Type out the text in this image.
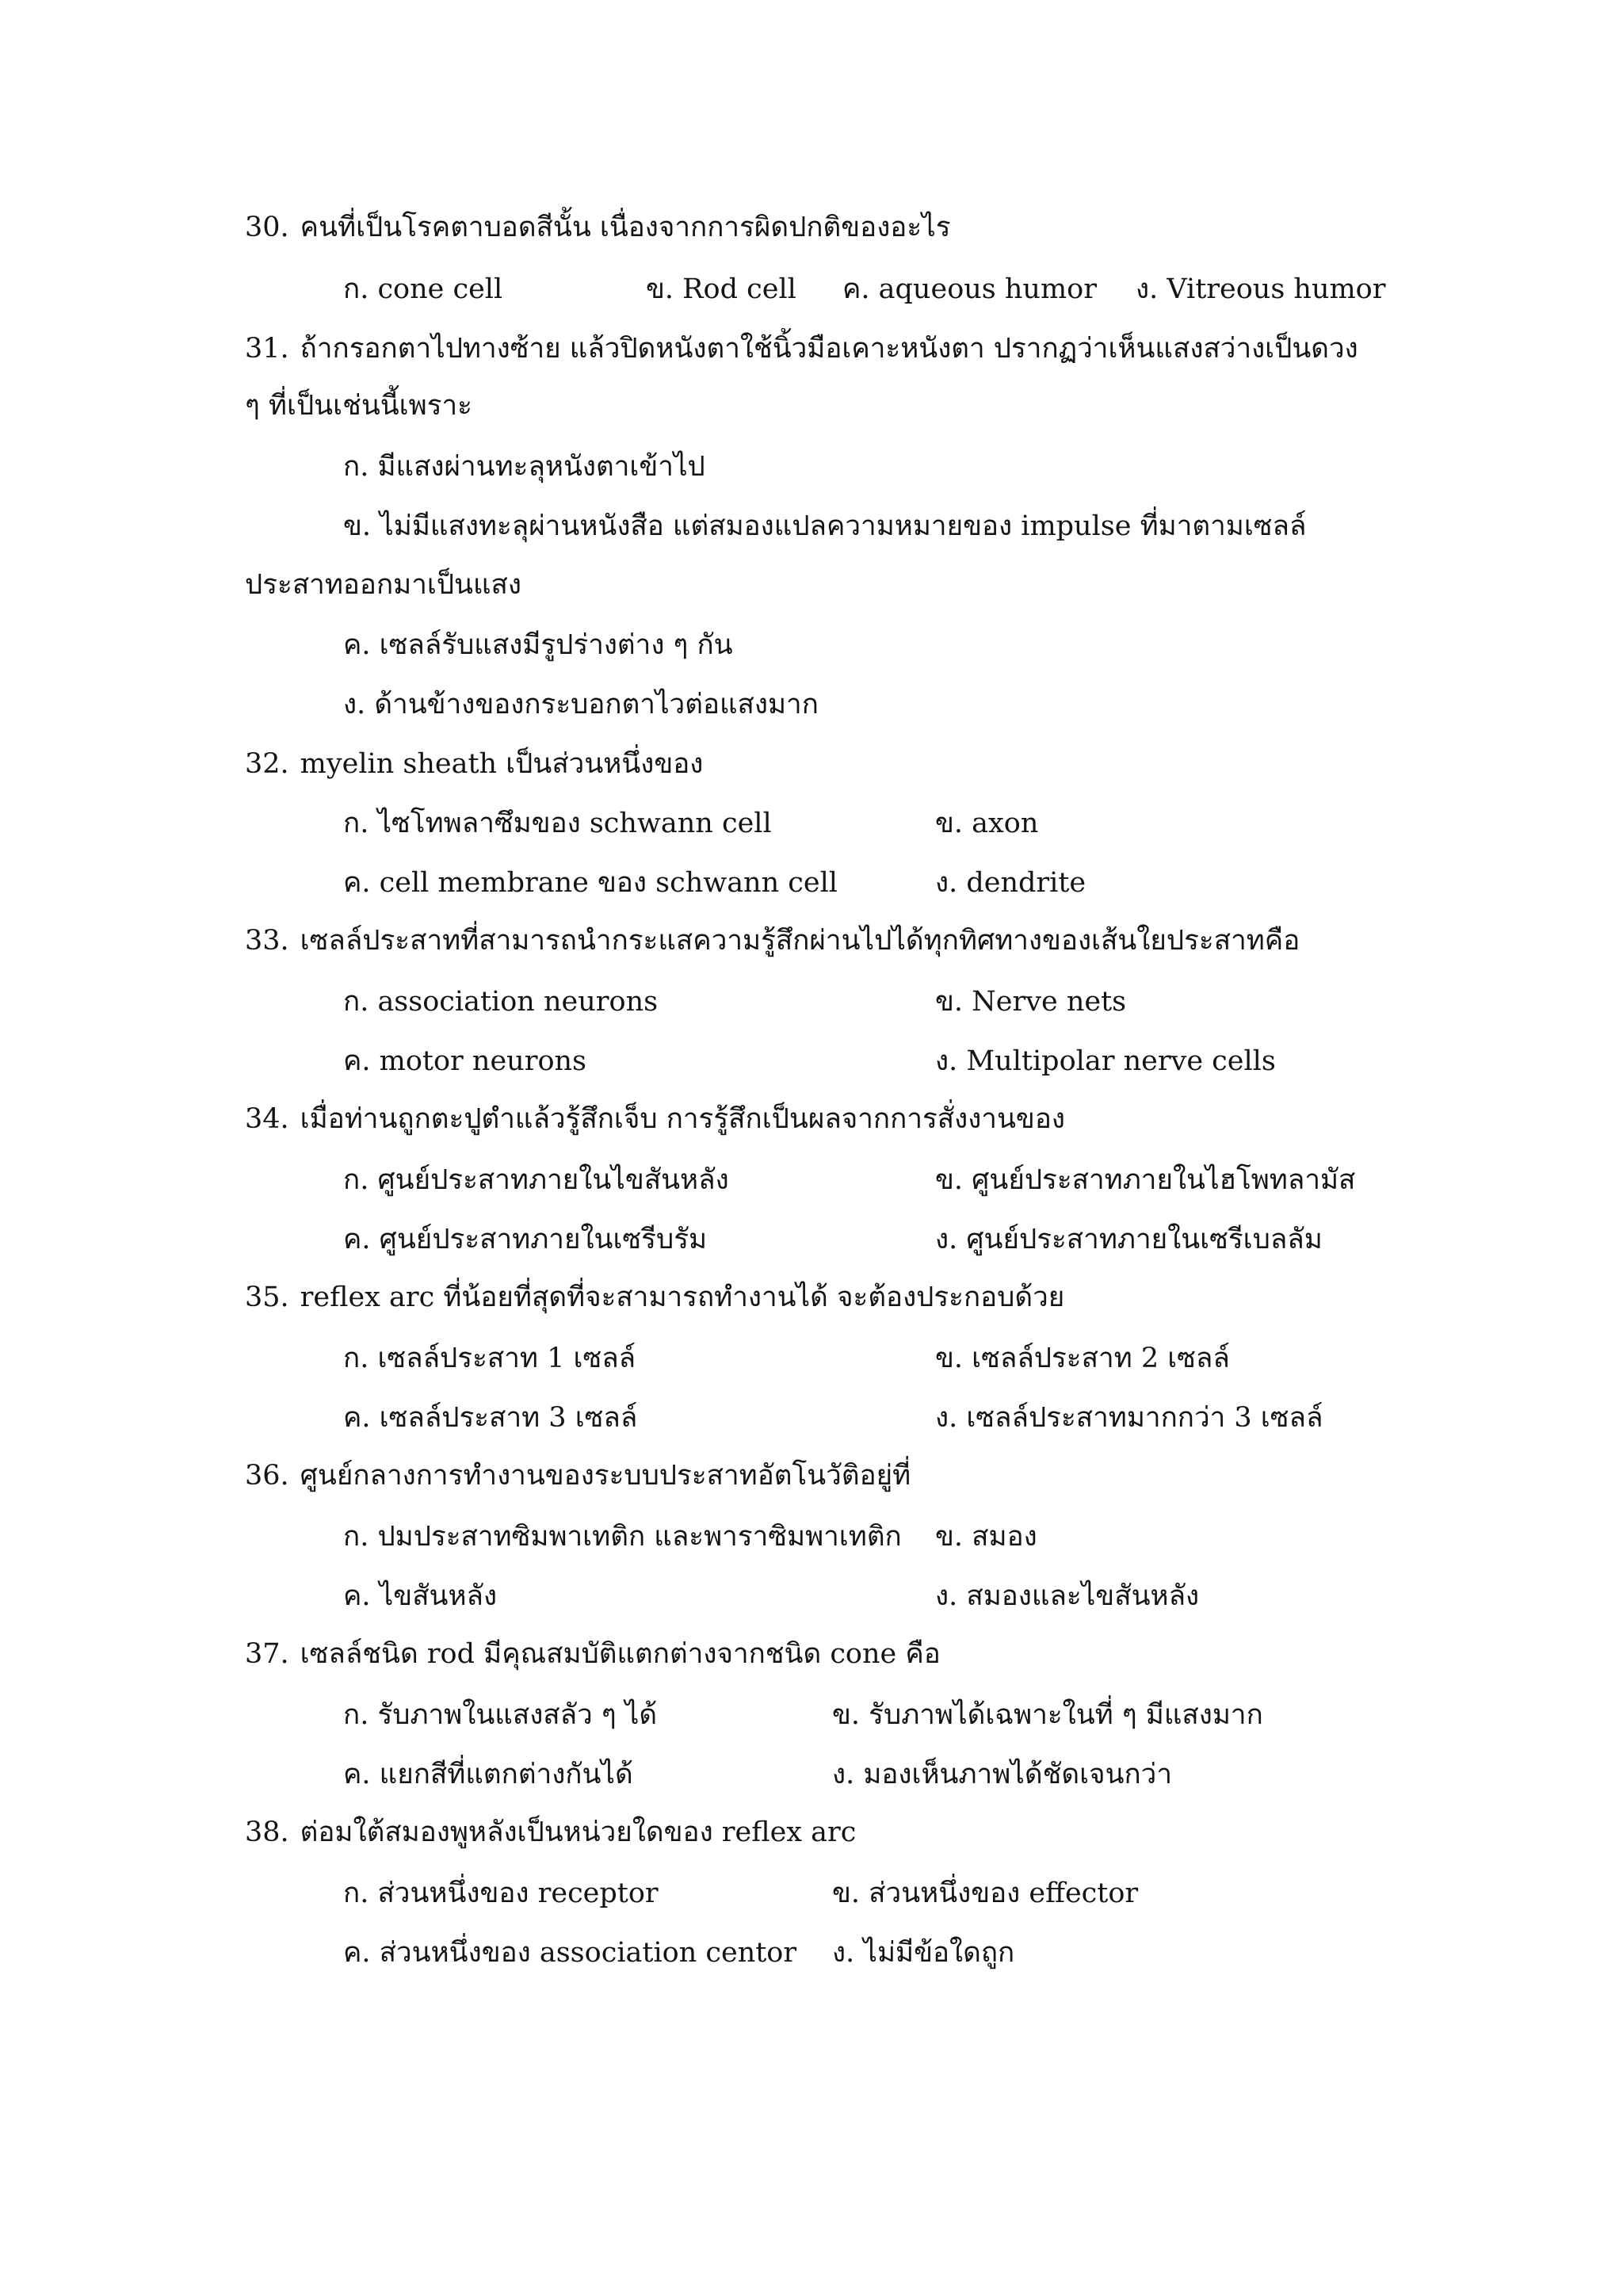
30. คนที่เป็นโรคตาบอดสีนั้น เนื่องจากการผิดปกติของอะไร
ก. cone cell	ข. Rod cell ค. aqueous humor ง. Vitreous humor
31. ถ้ากรอกตาไปทางซ้าย แล้วปิดหนังตาใช้นิ้วมือเคาะหนังตา ปรากฏว่าเห็นแสงสว่างเป็นดวง
ๆ ที่เป็นเช่นนี้เพราะ
ก. มีแสงผ่านทะลุหนังตาเข้าไป
ข. ไม่มีแสงทะลุผ่านหนังสือ แต่สมองแปลความหมายของ impulse ที่มาตามเซลล์
ประสาทออกมาเป็นแสง
ค. เซลล์รับแสงมีรูปร่างต่าง ๆ กัน
ง. ด้านข้างของกระบอกตาไวต่อแสงมาก
32. myelin sheath เป็นส่วนหนึ่งของ
ก. ไซโทพลาซึมของ schwann cell	ข. axon
ค. cell membrane ของ schwann cell	ง. dendrite
33. เซลล์ประสาทที่สามารถนำกระแสความรู้สึกผ่านไปได้ทุกทิศทางของเส้นใยประสาทคือ
ก. association neurons	ข. Nerve nets
ค. motor neurons	ง. Multipolar nerve cells
34. เมื่อท่านถูกตะปูตำแล้วรู้สึกเจ็บ การรู้สึกเป็นผลจากการสั่งงานของ
ก. ศูนย์ประสาทภายในไขสันหลัง	ข. ศูนย์ประสาทภายในไฮโพทลามัส
ค. ศูนย์ประสาทภายในเซรีบรัม	ง. ศูนย์ประสาทภายในเซรีเบลลัม
35. reflex arc ที่น้อยที่สุดที่จะสามารถทำงานได้ จะต้องประกอบด้วย
ก. เซลล์ประสาท 1 เซลล์	ข. เซลล์ประสาท 2 เซลล์
ค. เซลล์ประสาท 3 เซลล์	ง. เซลล์ประสาทมากกว่า 3 เซลล์
36. ศูนย์กลางการทำงานของระบบประสาทอัตโนวัติอยู่ที่
ก. ปมประสาทซิมพาเทติก และพาราซิมพาเทติก ข. สมอง
ค. ไขสันหลัง	ง. สมองและไขสันหลัง
37. เซลล์ชนิด rod มีคุณสมบัติแตกต่างจากชนิด cone คือ
ก. รับภาพในแสงสลัว ๆ ได้	ข. รับภาพได้เฉพาะในที่ ๆ มีแสงมาก
ค. แยกสีที่แตกต่างกันได้	ง. มองเห็นภาพได้ชัดเจนกว่า
38. ต่อมใต้สมองพูหลังเป็นหน่วยใดของ reflex arc
ก. ส่วนหนึ่งของ receptor	ข. ส่วนหนึ่งของ effector
ค. ส่วนหนึ่งของ association centor ง. ไม่มีข้อใดถูก
